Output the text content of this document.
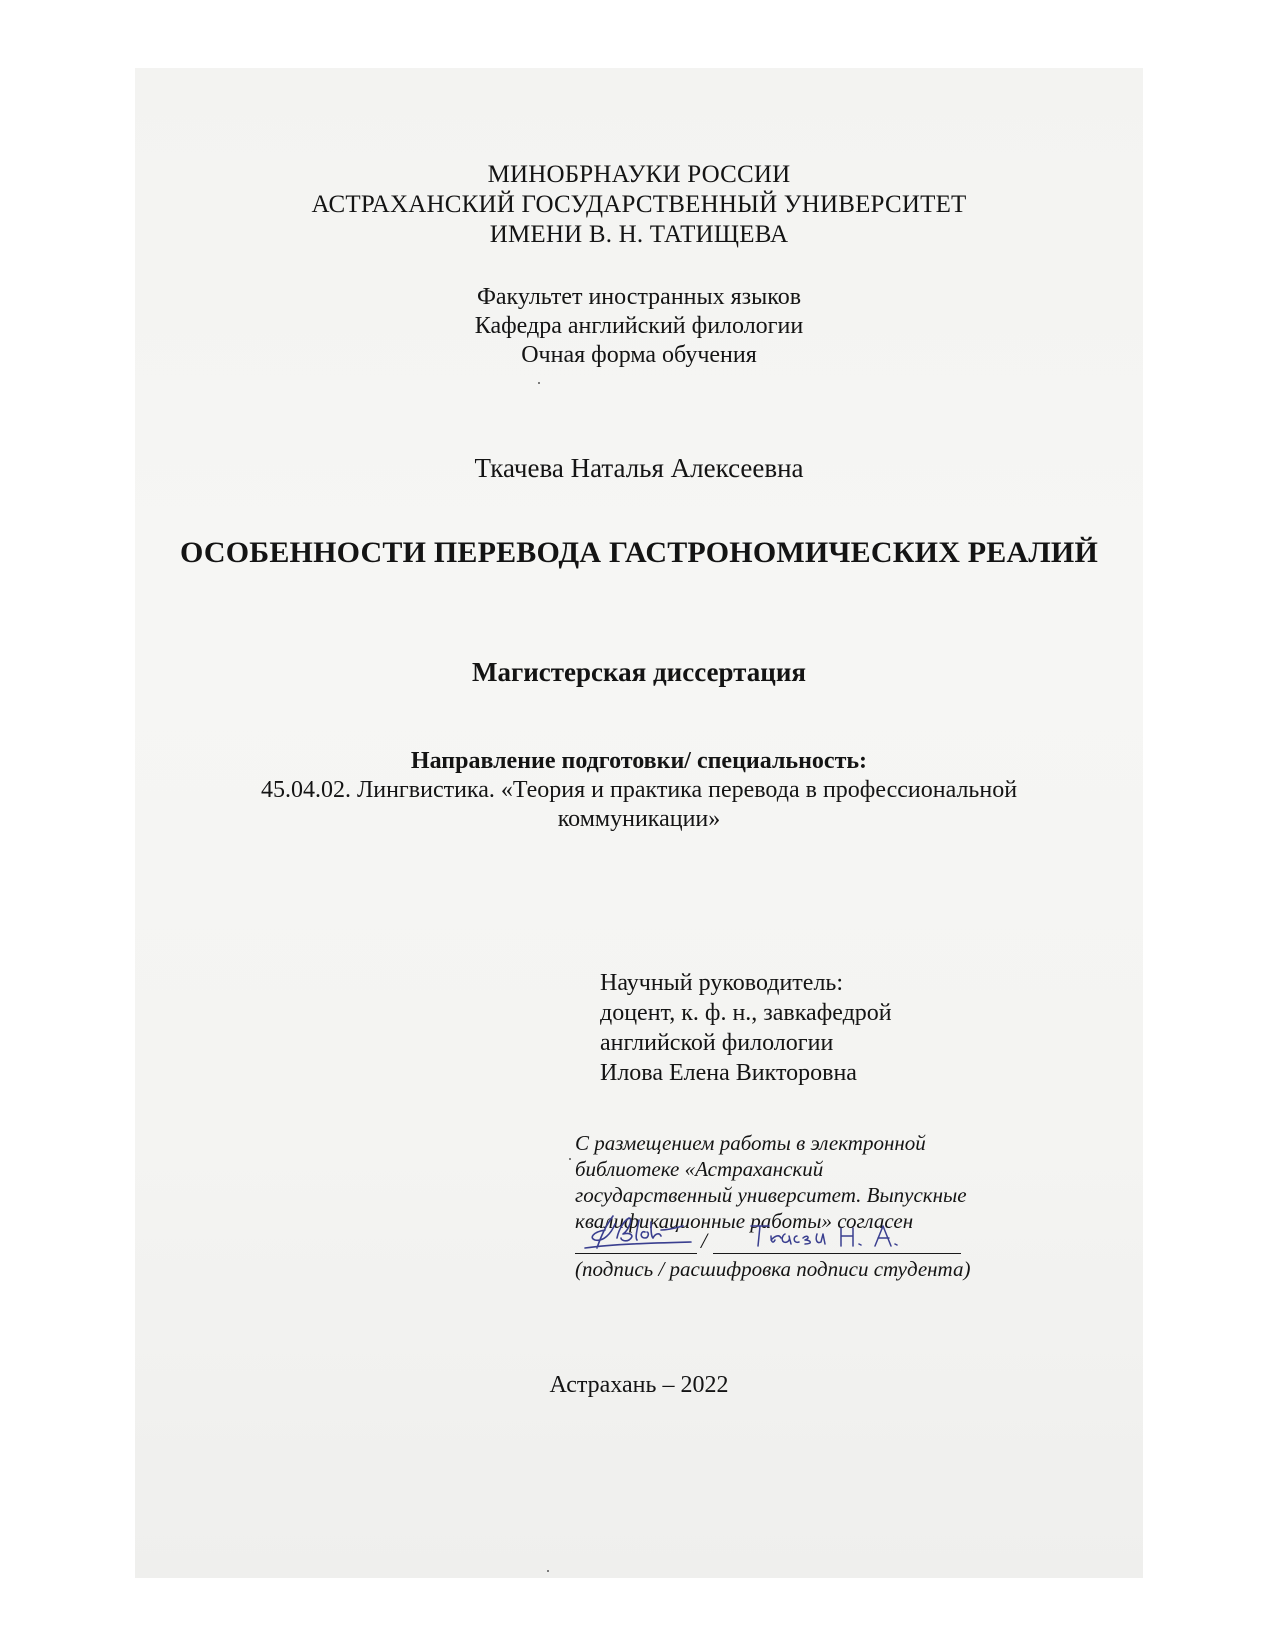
МИНОБРНАУКИ РОССИИ
АСТРАХАНСКИЙ ГОСУДАРСТВЕННЫЙ УНИВЕРСИТЕТ
ИМЕНИ В. Н. ТАТИЩЕВА
Факультет иностранных языков
Кафедра английский филологии
Очная форма обучения
Ткачева Наталья Алексеевна
ОСОБЕННОСТИ ПЕРЕВОДА ГАСТРОНОМИЧЕСКИХ РЕАЛИЙ
Магистерская диссертация
Направление подготовки/ специальность:
45.04.02. Лингвистика. «Теория и практика перевода в профессиональной
коммуникации»
Научный руководитель:
доцент, к. ф. н., завкафедрой
английской филологии
Илова Елена Викторовна
С размещением работы в электронной
библиотеке «Астраханский
государственный университет. Выпускные
квалификационные работы» согласен
/
(подпись / расшифровка подписи студента)
Астрахань – 2022
